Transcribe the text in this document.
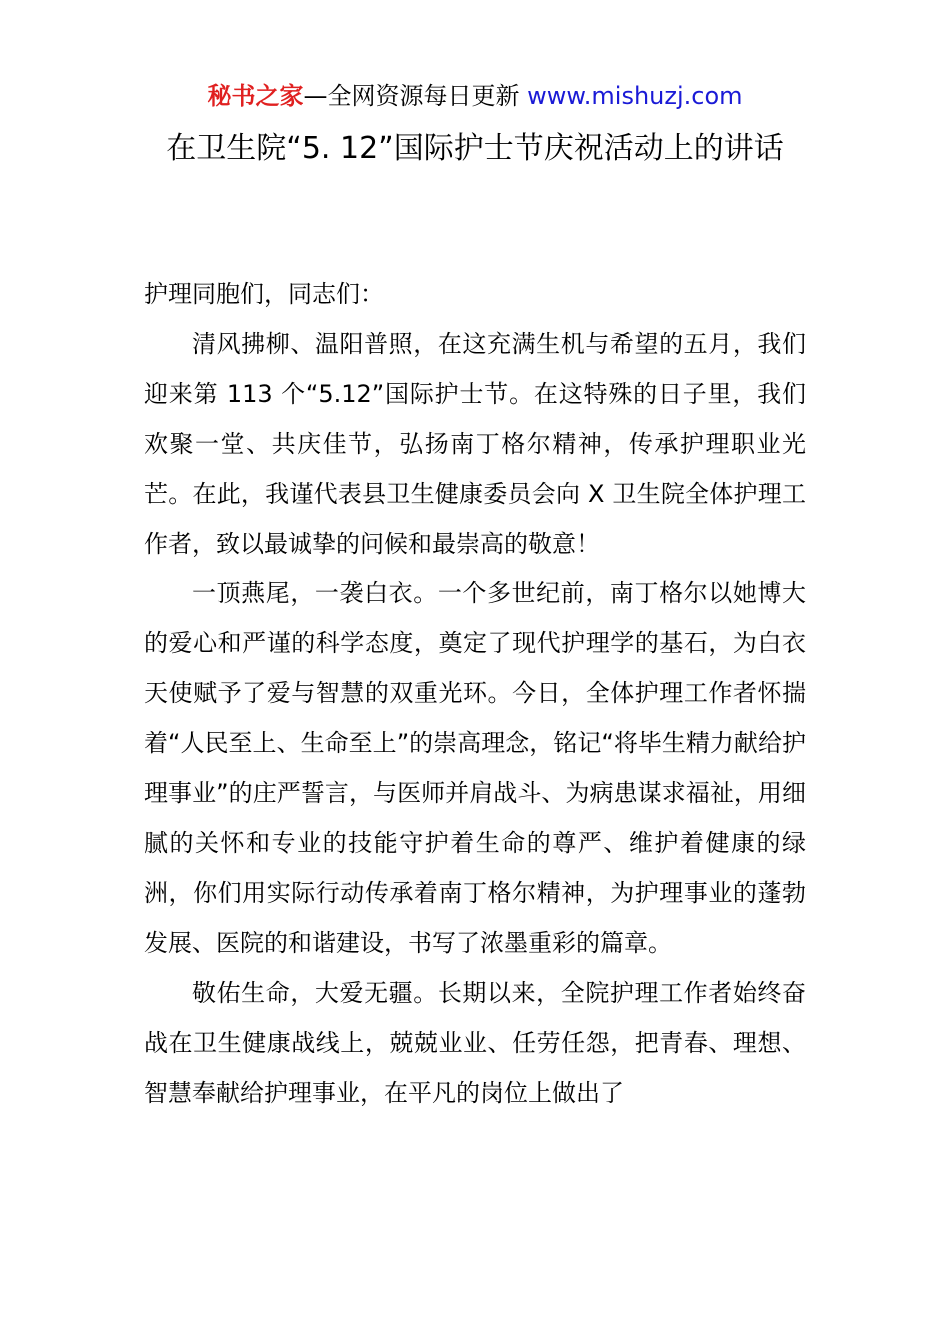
秘书之家—全网资源每日更新 www.mishuzj.com
在卫生院“5. 12”国际护士节庆祝活动上的讲话

护理同胞们，同志们：

清风拂柳、温阳普照，在这充满生机与希望的五月，我们迎来第 113 个“5.12”国际护士节。在这特殊的日子里，我们欢聚一堂、共庆佳节，弘扬南丁格尔精神，传承护理职业光芒。在此，我谨代表县卫生健康委员会向 X 卫生院全体护理工作者，致以最诚挚的问候和最崇高的敬意！

一顶燕尾，一袭白衣。一个多世纪前，南丁格尔以她博大的爱心和严谨的科学态度，奠定了现代护理学的基石，为白衣天使赋予了爱与智慧的双重光环。今日，全体护理工作者怀揣着“人民至上、生命至上”的崇高理念，铭记“将毕生精力献给护理事业”的庄严誓言，与医师并肩战斗、为病患谋求福祉，用细腻的关怀和专业的技能守护着生命的尊严、维护着健康的绿洲，你们用实际行动传承着南丁格尔精神，为护理事业的蓬勃发展、医院的和谐建设，书写了浓墨重彩的篇章。

敬佑生命，大爱无疆。长期以来，全院护理工作者始终奋战在卫生健康战线上，兢兢业业、任劳任怨，把青春、理想、智慧奉献给护理事业，在平凡的岗位上做出了
